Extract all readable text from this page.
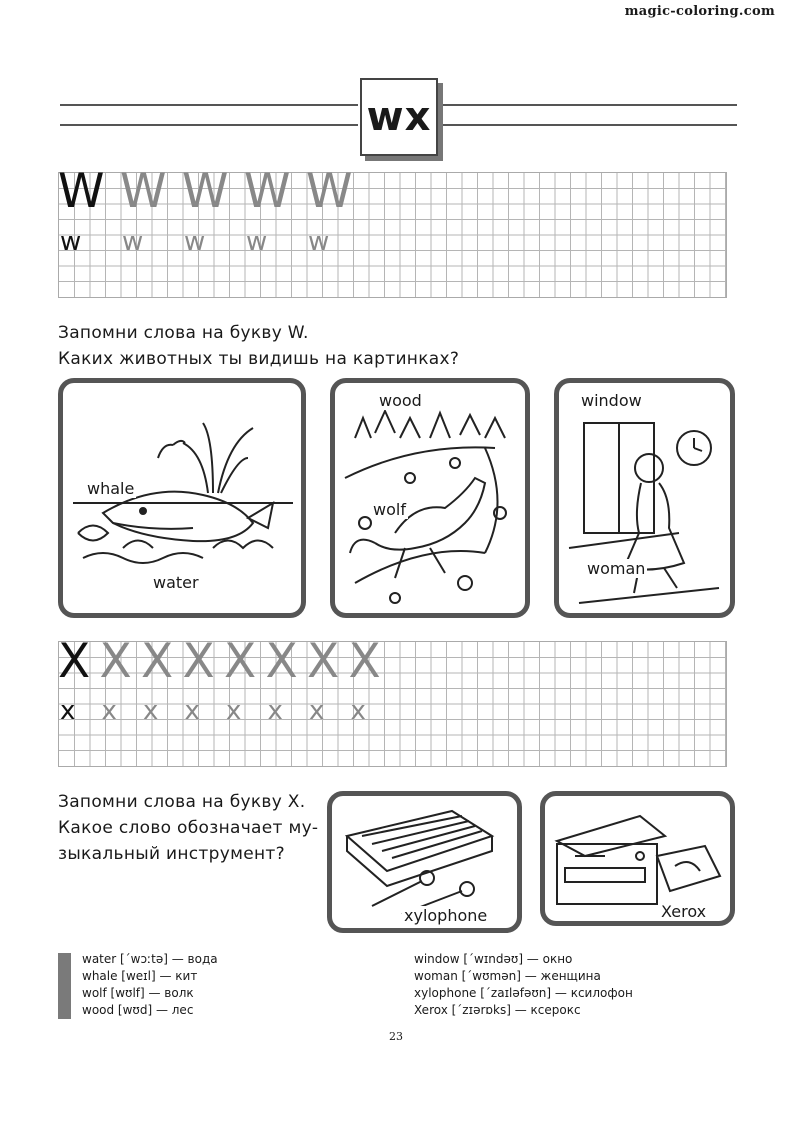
magic-coloring.com
wx
W
w
W
w
W
w
W
w
W
w
Запомни слова на букву W.
Каких животных ты видишь на картинках?
whale
water
wood
wolf
window
woman
X
x
X
x
X
x
X
x
X
x
X
x
X
x
X
x
Запомни слова на букву X.
Какое слово обозначает му-
зыкальный инструмент?
xylophone	Xerox
water [ˊwɔːtə] — вода
whale [weɪl] — кит
wolf [wʊlf] — волк
wood [wʊd] — лес
window [ˊwɪndəʊ] — окно
woman [ˊwʊmən] — женщина
xylophone [ˊzaɪləfəʊn] — ксилофон
Xerox [ˊzɪərɒks] — ксерокс
23
